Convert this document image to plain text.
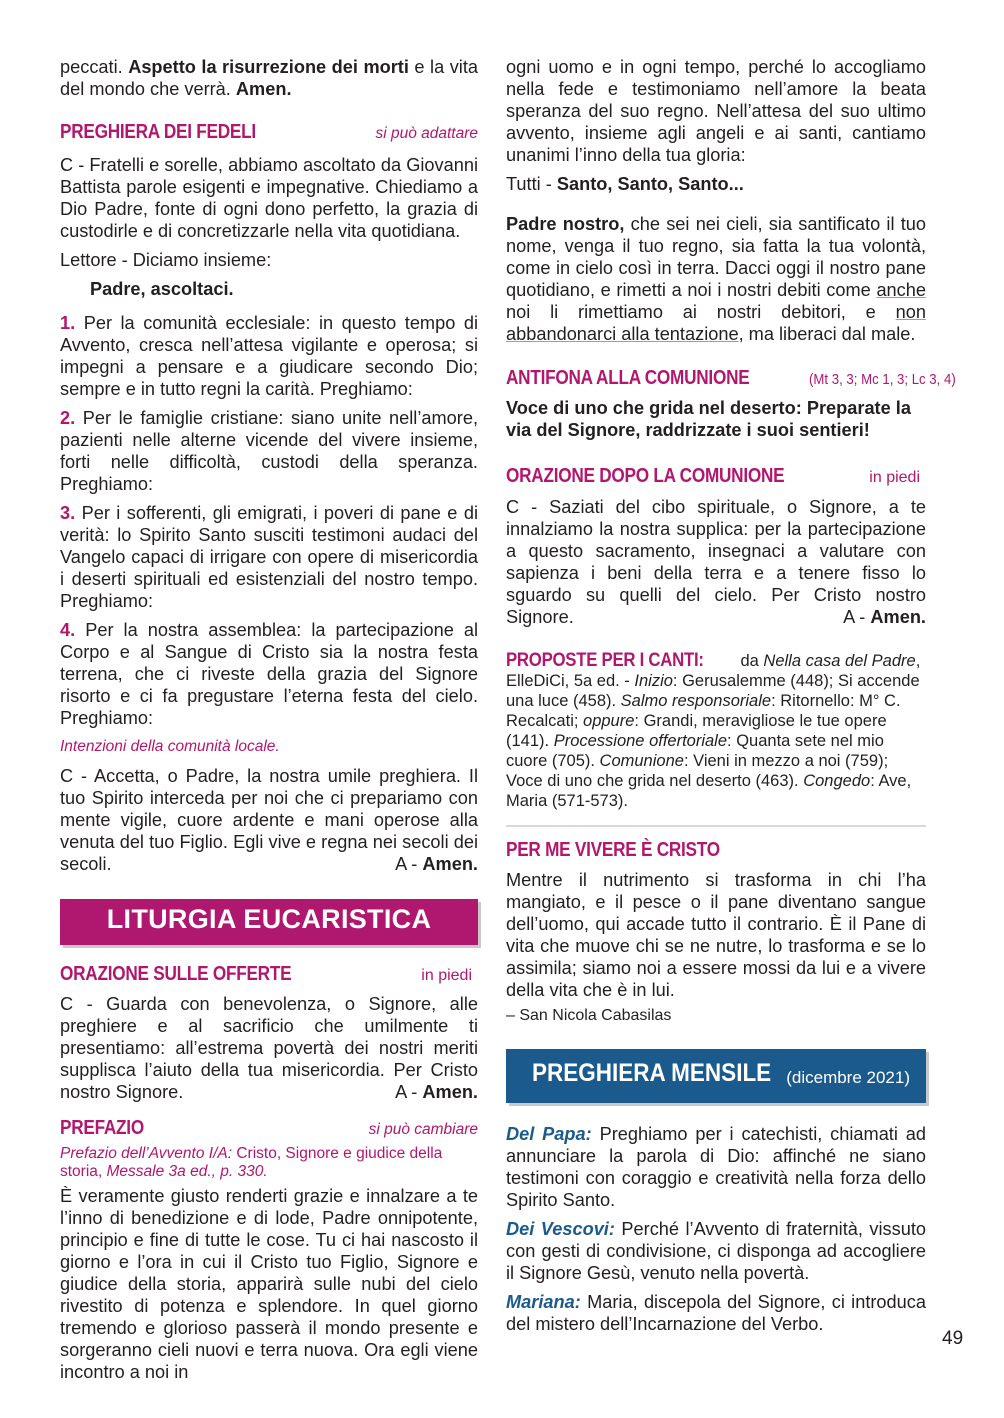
peccati. Aspetto la risurrezione dei morti e la vita del mondo che verrà. Amen.

PREGHIERA DEI FEDELI	si può adattare

C - Fratelli e sorelle, abbiamo ascoltato da Giovanni Battista parole esigenti e impegnative. Chiediamo a Dio Padre, fonte di ogni dono perfetto, la grazia di custodirle e di concretizzarle nella vita quotidiana.

Lettore - Diciamo insieme:

Padre, ascoltaci.

1. Per la comunità ecclesiale: in questo tempo di Avvento, cresca nell’attesa vigilante e operosa; si impegni a pensare e a giudicare secondo Dio; sempre e in tutto regni la carità. Preghiamo:

2. Per le famiglie cristiane: siano unite nell’amore, pazienti nelle alterne vicende del vivere insieme, forti nelle difficoltà, custodi della speranza. Preghiamo:

3. Per i sofferenti, gli emigrati, i poveri di pane e di verità: lo Spirito Santo susciti testimoni audaci del Vangelo capaci di irrigare con opere di misericordia i deserti spirituali ed esistenziali del nostro tempo. Preghiamo:

4. Per la nostra assemblea: la partecipazione al Corpo e al Sangue di Cristo sia la nostra festa terrena, che ci riveste della grazia del Signore risorto e ci fa pregustare l’eterna festa del cielo. Preghiamo:

Intenzioni della comunità locale.

C - Accetta, o Padre, la nostra umile preghiera. Il tuo Spirito interceda per noi che ci prepariamo con mente vigile, cuore ardente e mani operose alla venuta del tuo Figlio. Egli vive e regna nei secoli dei secoli.	A - Amen.

LITURGIA EUCARISTICA
ORAZIONE SULLE OFFERTE	in piedi

C - Guarda con benevolenza, o Signore, alle preghiere e al sacrificio che umilmente ti presentiamo: all’estrema povertà dei nostri meriti supplisca l’aiuto della tua misericordia. Per Cristo nostro Signore.	A - Amen.

PREFAZIO	si può cambiare

Prefazio dell’Avvento I/A: Cristo, Signore e giudice della storia, Messale 3a ed., p. 330.

È veramente giusto renderti grazie e innalzare a te l’inno di benedizione e di lode, Padre onnipotente, principio e fine di tutte le cose. Tu ci hai nascosto il giorno e l’ora in cui il Cristo tuo Figlio, Signore e giudice della storia, apparirà sulle nubi del cielo rivestito di potenza e splendore. In quel giorno tremendo e glorioso passerà il mondo presente e sorgeranno cieli nuovi e terra nuova. Ora egli viene incontro a noi in

ogni uomo e in ogni tempo, perché lo accogliamo nella fede e testimoniamo nell’amore la beata speranza del suo regno. Nell’attesa del suo ultimo avvento, insieme agli angeli e ai santi, cantiamo unanimi l’inno della tua gloria:

Tutti - Santo, Santo, Santo...

Padre nostro, che sei nei cieli, sia santificato il tuo nome, venga il tuo regno, sia fatta la tua volontà, come in cielo così in terra. Dacci oggi il nostro pane quotidiano, e rimetti a noi i nostri debiti come anche noi li rimettiamo ai nostri debitori, e non abbandonarci alla tentazione, ma liberaci dal male.

ANTIFONA ALLA COMUNIONE	(Mt 3, 3; Mc 1, 3; Lc 3, 4)

Voce di uno che grida nel deserto: Preparate la via del Signore, raddrizzate i suoi sentieri!

ORAZIONE DOPO LA COMUNIONE	in piedi

C - Saziati del cibo spirituale, o Signore, a te innalziamo la nostra supplica: per la partecipazione a questo sacramento, insegnaci a valutare con sapienza i beni della terra e a tenere fisso lo sguardo su quelli del cielo. Per Cristo nostro Signore.	A - Amen.

PROPOSTE PER I CANTI: da Nella casa del Padre, ElleDiCi, 5a ed. - Inizio: Gerusalemme (448); Si accende una luce (458). Salmo responsoriale: Ritornello: M° C. Recalcati; oppure: Grandi, meravigliose le tue opere (141). Processione offertoriale: Quanta sete nel mio cuore (705). Comunione: Vieni in mezzo a noi (759); Voce di uno che grida nel deserto (463). Congedo: Ave, Maria (571-573).

PER ME VIVERE È CRISTO

Mentre il nutrimento si trasforma in chi l’ha mangiato, e il pesce o il pane diventano sangue dell’uomo, qui accade tutto il contrario. È il Pane di vita che muove chi se ne nutre, lo trasforma e se lo assimila; siamo noi a essere mossi da lui e a vivere della vita che è in lui.

– San Nicola Cabasilas

PREGHIERA MENSILE (dicembre 2021)

Del Papa: Preghiamo per i catechisti, chiamati ad annunciare la parola di Dio: affinché ne siano testimoni con coraggio e creatività nella forza dello Spirito Santo.

Dei Vescovi: Perché l’Avvento di fraternità, vissuto con gesti di condivisione, ci disponga ad accogliere il Signore Gesù, venuto nella povertà.

Mariana: Maria, discepola del Signore, ci introduca del mistero dell’Incarnazione del Verbo.

49
